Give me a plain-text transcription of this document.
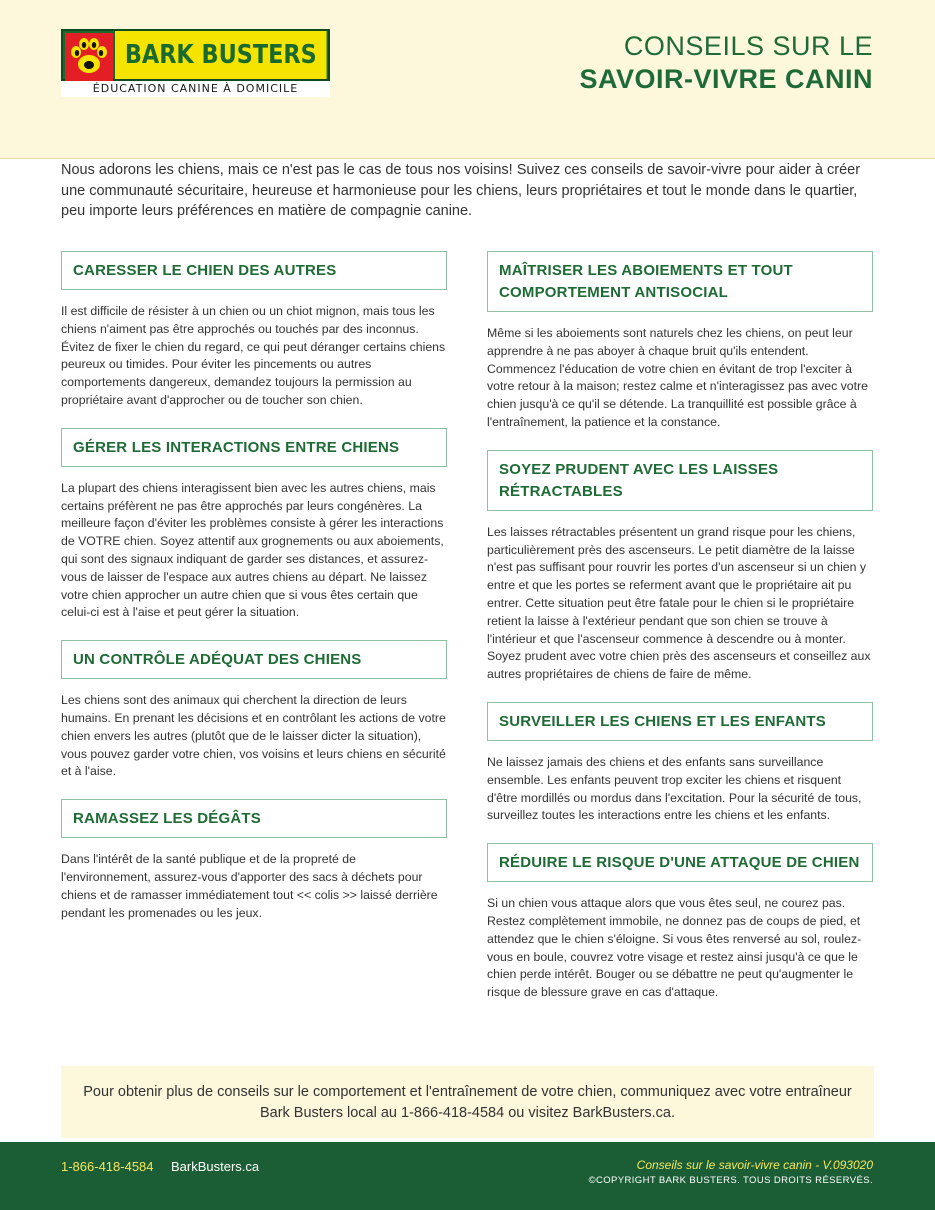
BARK BUSTERS
ÉDUCATION CANINE À DOMICILE
CONSEILS SUR LE
SAVOIR-VIVRE CANIN
Nous adorons les chiens, mais ce n'est pas le cas de tous nos voisins! Suivez ces conseils de savoir-vivre pour aider à créer une communauté sécuritaire, heureuse et harmonieuse pour les chiens, leurs propriétaires et tout le monde dans le quartier, peu importe leurs préférences en matière de compagnie canine.
CARESSER LE CHIEN DES AUTRES
Il est difficile de résister à un chien ou un chiot mignon, mais tous les chiens n'aiment pas être approchés ou touchés par des inconnus. Évitez de fixer le chien du regard, ce qui peut déranger certains chiens peureux ou timides. Pour éviter les pincements ou autres comportements dangereux, demandez toujours la permission au propriétaire avant d'approcher ou de toucher son chien.
GÉRER LES INTERACTIONS ENTRE CHIENS
La plupart des chiens interagissent bien avec les autres chiens, mais certains préfèrent ne pas être approchés par leurs congénères. La meilleure façon d'éviter les problèmes consiste à gérer les interactions de VOTRE chien. Soyez attentif aux grognements ou aux aboiements, qui sont des signaux indiquant de garder ses distances, et assurez-vous de laisser de l'espace aux autres chiens au départ. Ne laissez votre chien approcher un autre chien que si vous êtes certain que celui-ci est à l'aise et peut gérer la situation.
UN CONTRÔLE ADÉQUAT DES CHIENS
Les chiens sont des animaux qui cherchent la direction de leurs humains. En prenant les décisions et en contrôlant les actions de votre chien envers les autres (plutôt que de le laisser dicter la situation), vous pouvez garder votre chien, vos voisins et leurs chiens en sécurité et à l'aise.
RAMASSEZ LES DÉGÂTS
Dans l'intérêt de la santé publique et de la propreté de l'environnement, assurez-vous d'apporter des sacs à déchets pour chiens et de ramasser immédiatement tout << colis >> laissé derrière pendant les promenades ou les jeux.
MAÎTRISER LES ABOIEMENTS ET TOUT COMPORTEMENT ANTISOCIAL
Même si les aboiements sont naturels chez les chiens, on peut leur apprendre à ne pas aboyer à chaque bruit qu'ils entendent. Commencez l'éducation de votre chien en évitant de trop l'exciter à votre retour à la maison; restez calme et n'interagissez pas avec votre chien jusqu'à ce qu'il se détende. La tranquillité est possible grâce à l'entraînement, la patience et la constance.
SOYEZ PRUDENT AVEC LES LAISSES RÉTRACTABLES
Les laisses rétractables présentent un grand risque pour les chiens, particulièrement près des ascenseurs. Le petit diamètre de la laisse n'est pas suffisant pour rouvrir les portes d'un ascenseur si un chien y entre et que les portes se referment avant que le propriétaire ait pu entrer. Cette situation peut être fatale pour le chien si le propriétaire retient la laisse à l'extérieur pendant que son chien se trouve à l'intérieur et que l'ascenseur commence à descendre ou à monter. Soyez prudent avec votre chien près des ascenseurs et conseillez aux autres propriétaires de chiens de faire de même.
SURVEILLER LES CHIENS ET LES ENFANTS
Ne laissez jamais des chiens et des enfants sans surveillance ensemble. Les enfants peuvent trop exciter les chiens et risquent d'être mordillés ou mordus dans l'excitation. Pour la sécurité de tous, surveillez toutes les interactions entre les chiens et les enfants.
RÉDUIRE LE RISQUE D'UNE ATTAQUE DE CHIEN
Si un chien vous attaque alors que vous êtes seul, ne courez pas. Restez complètement immobile, ne donnez pas de coups de pied, et attendez que le chien s'éloigne. Si vous êtes renversé au sol, roulez-vous en boule, couvrez votre visage et restez ainsi jusqu'à ce que le chien perde intérêt. Bouger ou se débattre ne peut qu'augmenter le risque de blessure grave en cas d'attaque.
Pour obtenir plus de conseils sur le comportement et l'entraînement de votre chien, communiquez avec votre entraîneur Bark Busters local au 1-866-418-4584 ou visitez BarkBusters.ca.
1-866-418-4584 BarkBusters.ca	Conseils sur le savoir-vivre canin - V.093020
©COPYRIGHT BARK BUSTERS. TOUS DROITS RÉSERVÉS.
